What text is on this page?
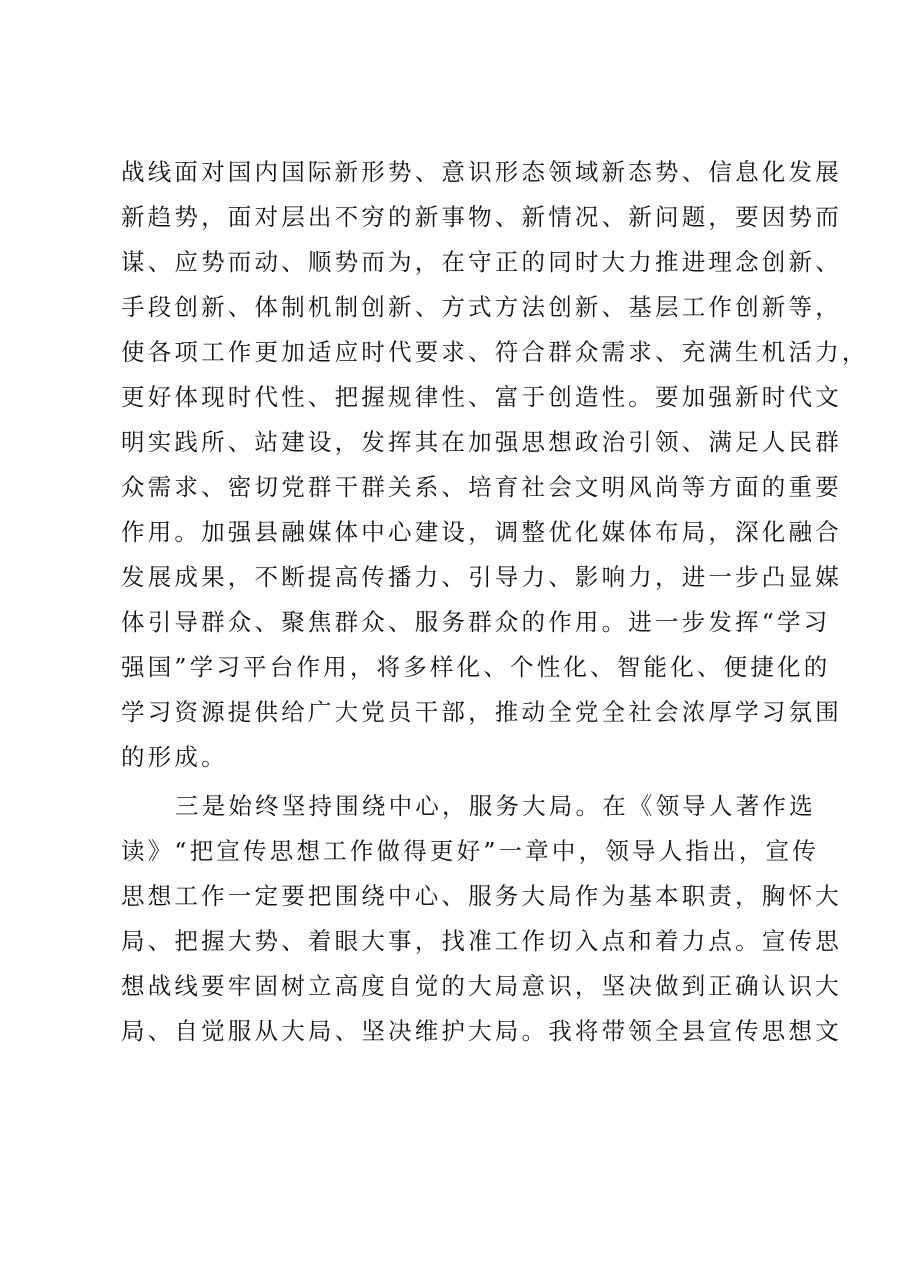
战线面对国内国际新形势、意识形态领域新态势、信息化发展
新趋势，面对层出不穷的新事物、新情况、新问题，要因势而
谋、应势而动、顺势而为，在守正的同时大力推进理念创新、
手段创新、体制机制创新、方式方法创新、基层工作创新等，
使各项工作更加适应时代要求、符合群众需求、充满生机活力，
更好体现时代性、把握规律性、富于创造性。要加强新时代文
明实践所、站建设，发挥其在加强思想政治引领、满足人民群
众需求、密切党群干群关系、培育社会文明风尚等方面的重要
作用。加强县融媒体中心建设，调整优化媒体布局，深化融合
发展成果，不断提高传播力、引导力、影响力，进一步凸显媒
体引导群众、聚焦群众、服务群众的作用。进一步发挥“学习
强国”学习平台作用，将多样化、个性化、智能化、便捷化的
学习资源提供给广大党员干部，推动全党全社会浓厚学习氛围
的形成。
三是始终坚持围绕中心，服务大局。在《领导人著作选
读》“把宣传思想工作做得更好”一章中，领导人指出，宣传
思想工作一定要把围绕中心、服务大局作为基本职责，胸怀大
局、把握大势、着眼大事，找准工作切入点和着力点。宣传思
想战线要牢固树立高度自觉的大局意识，坚决做到正确认识大
局、自觉服从大局、坚决维护大局。我将带领全县宣传思想文
